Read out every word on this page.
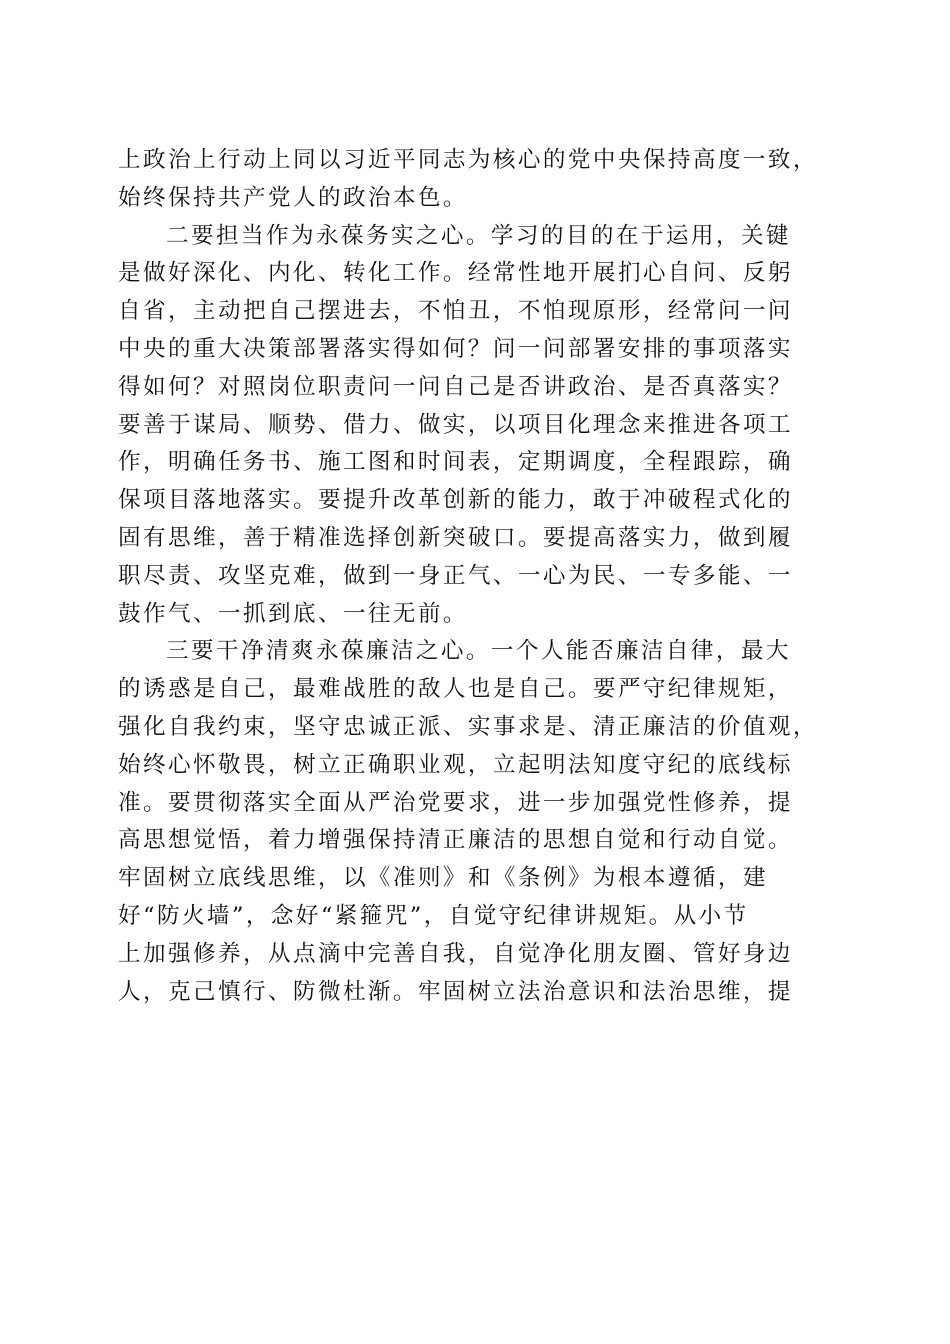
上政治上行动上同以习近平同志为核心的党中央保持高度一致，
始终保持共产党人的政治本色。
二要担当作为永葆务实之心。学习的目的在于运用，关键
是做好深化、内化、转化工作。经常性地开展扪心自问、反躬
自省，主动把自己摆进去，不怕丑，不怕现原形，经常问一问
中央的重大决策部署落实得如何？问一问部署安排的事项落实
得如何？对照岗位职责问一问自己是否讲政治、是否真落实？
要善于谋局、顺势、借力、做实，以项目化理念来推进各项工
作，明确任务书、施工图和时间表，定期调度，全程跟踪，确
保项目落地落实。要提升改革创新的能力，敢于冲破程式化的
固有思维，善于精准选择创新突破口。要提高落实力，做到履
职尽责、攻坚克难，做到一身正气、一心为民、一专多能、一
鼓作气、一抓到底、一往无前。
三要干净清爽永葆廉洁之心。一个人能否廉洁自律，最大
的诱惑是自己，最难战胜的敌人也是自己。要严守纪律规矩，
强化自我约束，坚守忠诚正派、实事求是、清正廉洁的价值观，
始终心怀敬畏，树立正确职业观，立起明法知度守纪的底线标
准。要贯彻落实全面从严治党要求，进一步加强党性修养，提
高思想觉悟，着力增强保持清正廉洁的思想自觉和行动自觉。
牢固树立底线思维，以《准则》和《条例》为根本遵循，建
好“防火墙”，念好“紧箍咒”，自觉守纪律讲规矩。从小节
上加强修养，从点滴中完善自我，自觉净化朋友圈、管好身边
人，克己慎行、防微杜渐。牢固树立法治意识和法治思维，提
